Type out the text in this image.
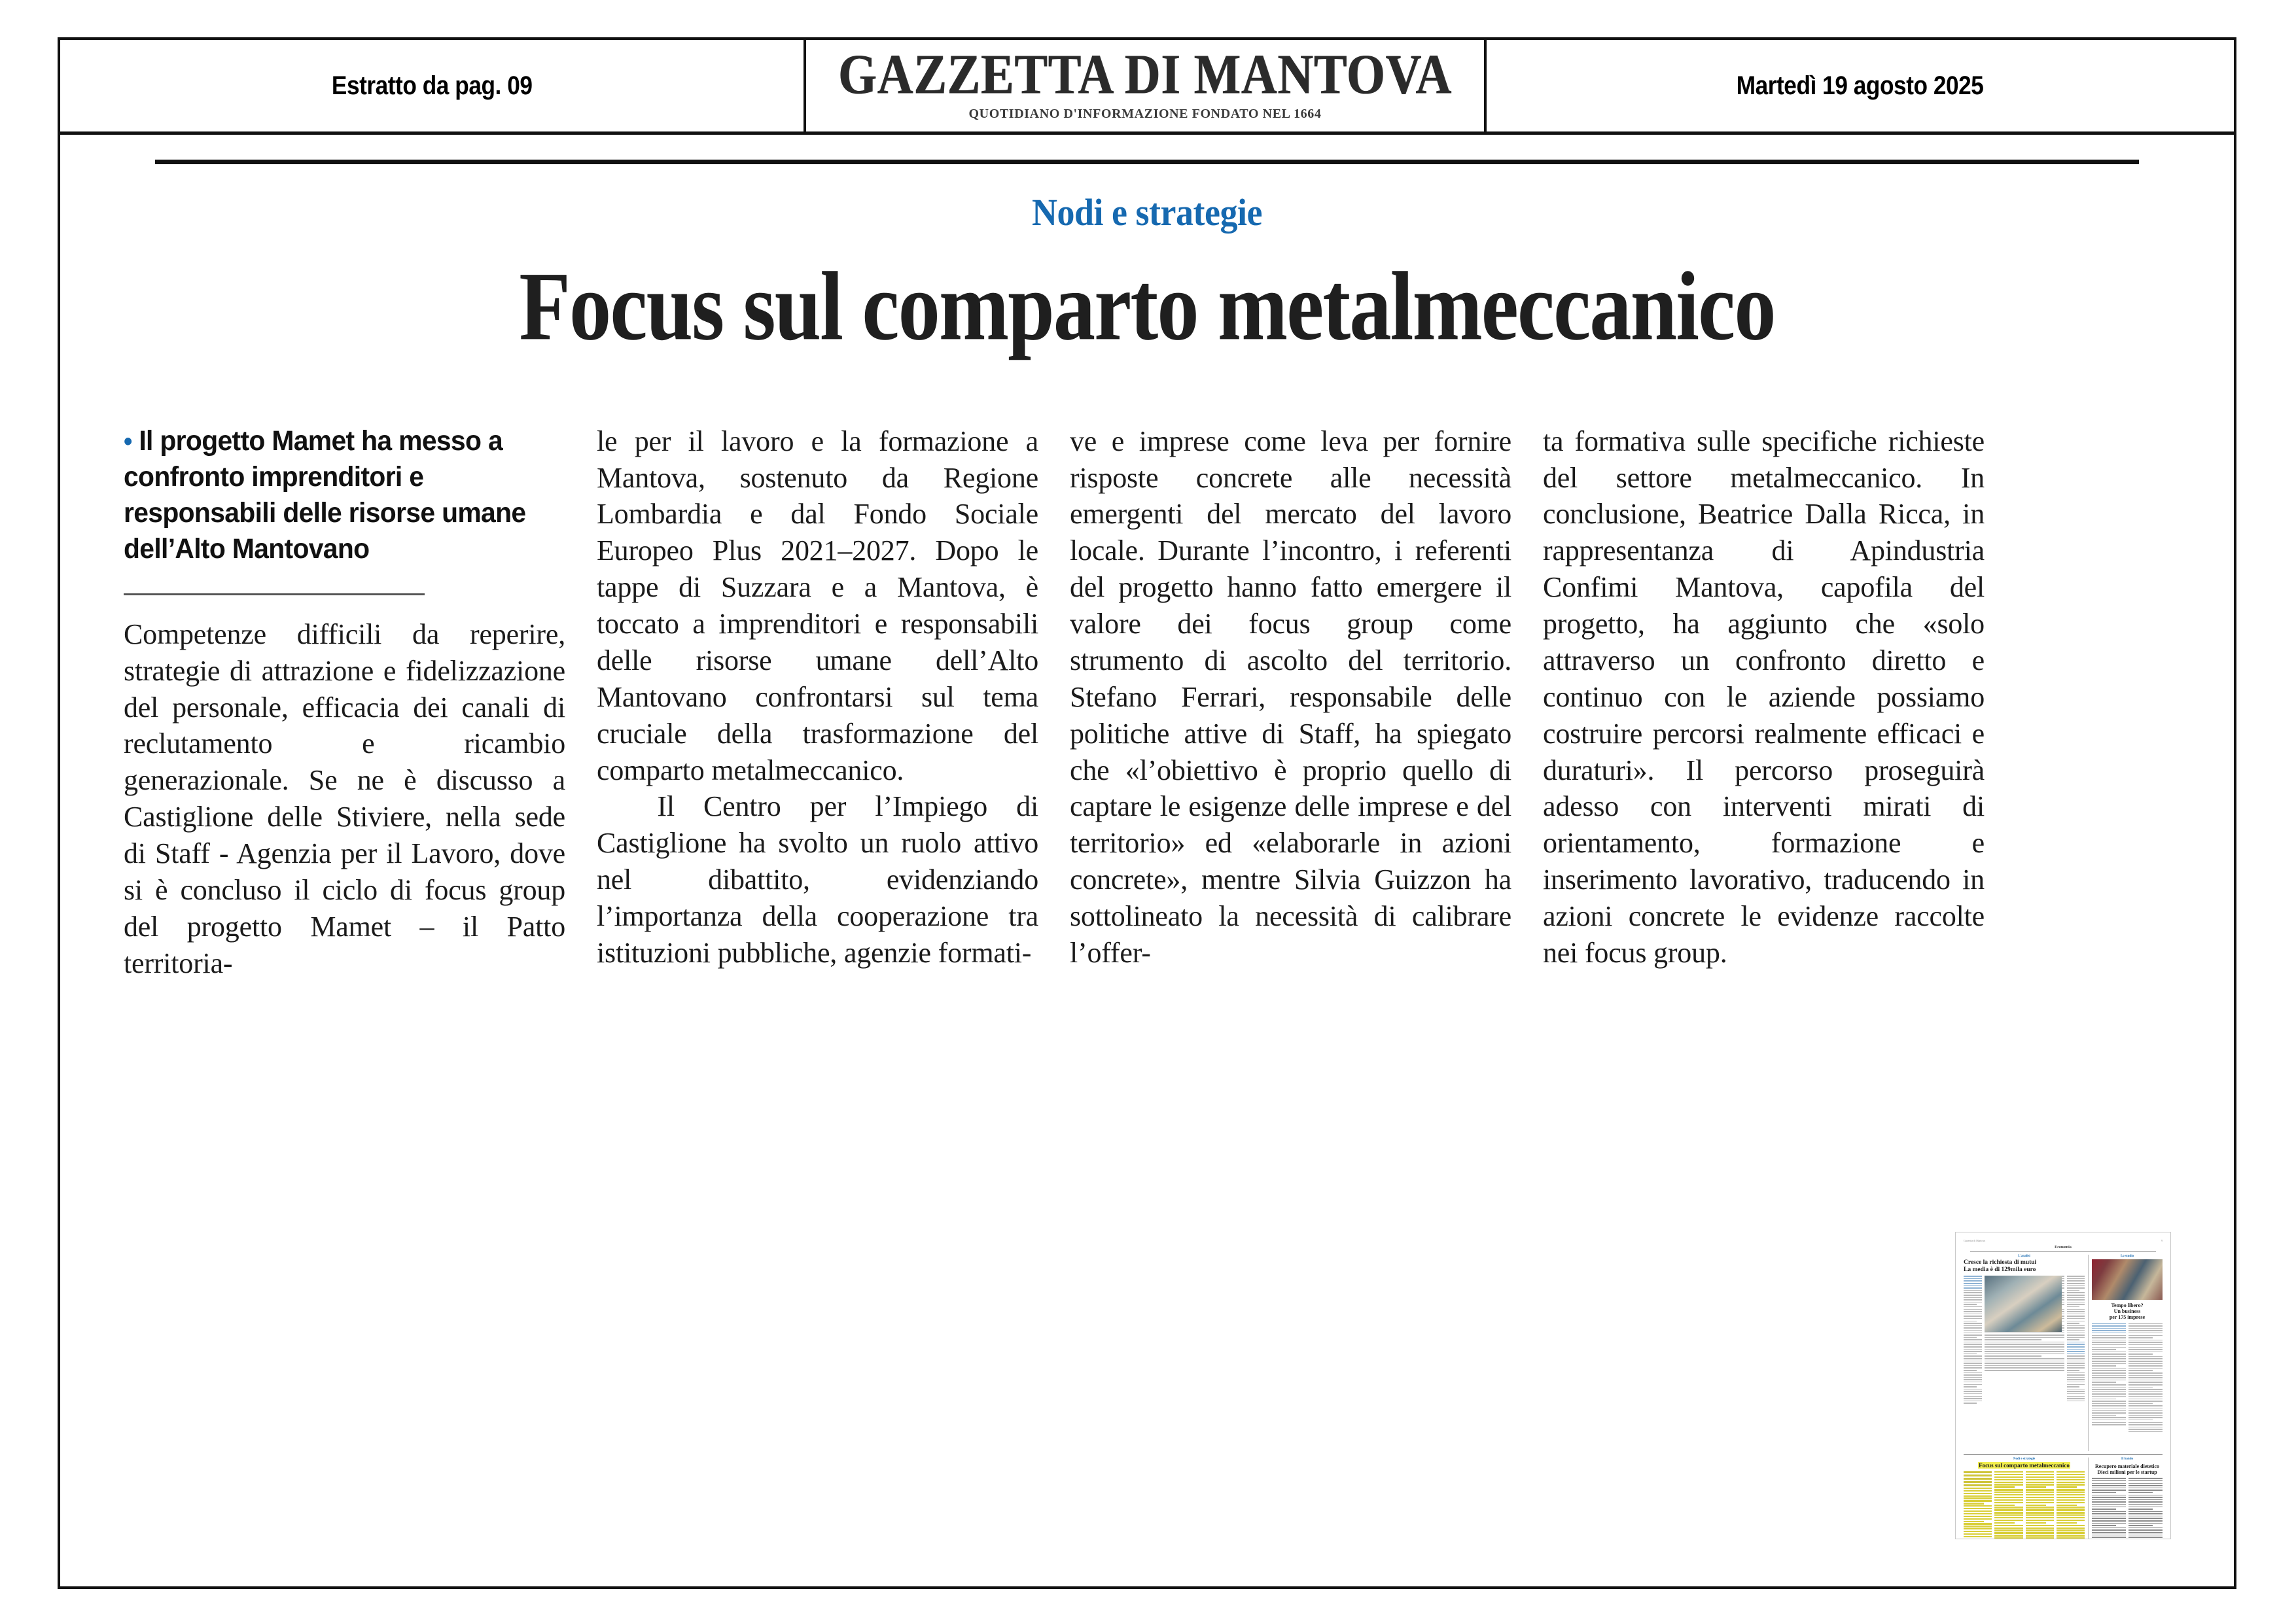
Estratto da pag. 09	GAZZETTA DI MANTOVA
QUOTIDIANO D'INFORMAZIONE FONDATO NEL 1664
Martedì 19 agosto 2025
Nodi e strategie
Focus sul comparto metalmeccanico
• Il progetto Mamet ha messo a confronto imprenditori e responsabili delle risorse umane dell’Alto Mantovano

Competenze difficili da reperire, strategie di attrazione e fidelizzazione del personale, efficacia dei canali di reclutamento e ricambio generazionale. Se ne è discusso a Castiglione delle Stiviere, nella sede di Staff - Agenzia per il Lavoro, dove si è concluso il ciclo di focus group del progetto Mamet – il Patto territoria-

le per il lavoro e la formazione a Mantova, sostenuto da Regione Lombardia e dal Fondo Sociale Europeo Plus 2021–2027. Dopo le tappe di Suzzara e a Mantova, è toccato a imprenditori e responsabili delle risorse umane dell’Alto Mantovano confrontarsi sul tema cruciale della trasformazione del comparto metalmeccanico.

Il Centro per l’Impiego di Castiglione ha svolto un ruolo attivo nel dibattito, evidenziando l’importanza della cooperazione tra istituzioni pubbliche, agenzie formati-

ve e imprese come leva per fornire risposte concrete alle necessità emergenti del mercato del lavoro locale. Durante l’incontro, i referenti del progetto hanno fatto emergere il valore dei focus group come strumento di ascolto del territorio. Stefano Ferrari, responsabile delle politiche attive di Staff, ha spiegato che «l’obiettivo è proprio quello di captare le esigenze delle imprese e del territorio» ed «elaborarle in azioni concrete», mentre Silvia Guizzon ha sottolineato la necessità di calibrare l’offer-

ta formativa sulle specifiche richieste del settore metalmeccanico. In conclusione, Beatrice Dalla Ricca, in rappresentanza di Apindustria Confimi Mantova, capofila del progetto, ha aggiunto che «solo attraverso un confronto diretto e continuo con le aziende possiamo costruire percorsi realmente efficaci e duraturi». Il percorso proseguirà adesso con interventi mirati di orientamento, formazione e inserimento lavorativo, traducendo in azioni concrete le evidenze raccolte nei focus group.

Gazzetta di Mantova	9
Economia
L'analisi
Cresce la richiesta di mutui
La media è di 129mila euro
Lo studio
Tempo libero?
Un business
per 175 imprese
Nodi e strategie
Focus sul comparto metalmeccanico
Il bando
Recupero materiale dietetico
Dieci milioni per le startup
